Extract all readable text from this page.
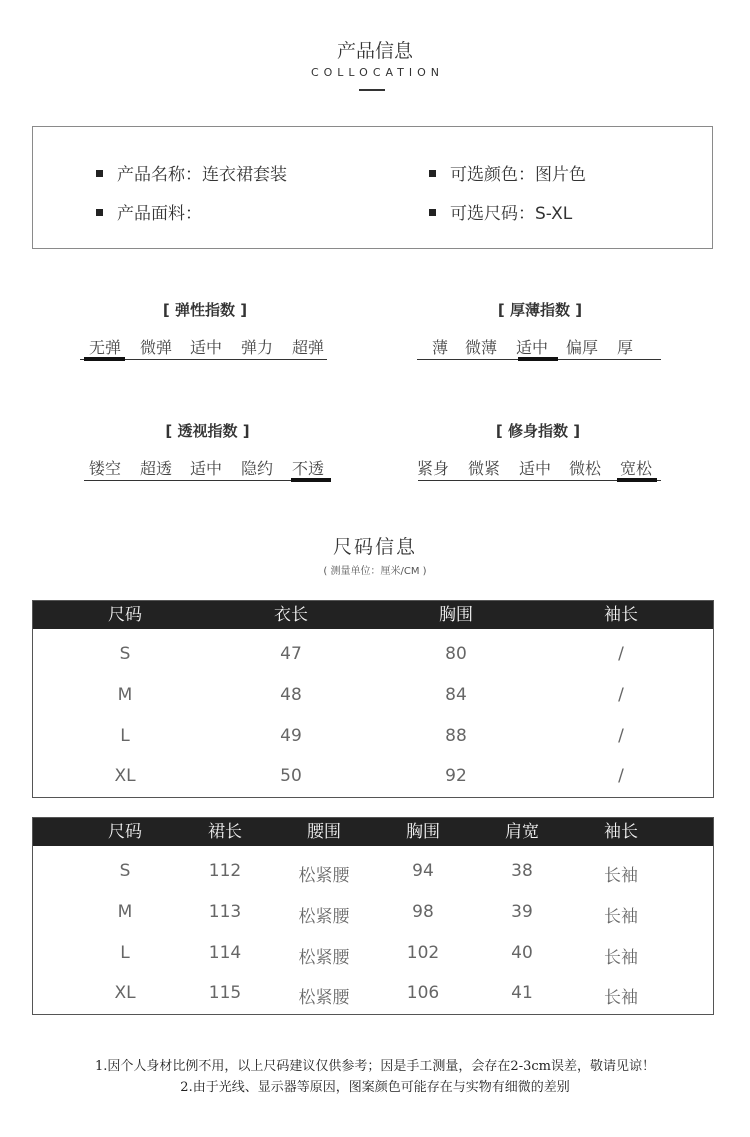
产品信息
COLLOCATION
产品名称：连衣裙套装
产品面料：
可选颜色：图片色
可选尺码：S-XL
[ 弹性指数 ]
无弹 微弹 适中 弹力 超弹
[ 厚薄指数 ]
薄 微薄 适中 偏厚 厚
[ 透视指数 ]
镂空 超透 适中 隐约 不透
[ 修身指数 ]
紧身 微紧 适中 微松 宽松
尺码信息
( 测量单位：厘米/CM )
尺码	衣长	胸围	袖长
S	47	80	/
M	48	84	/
L	49	88	/
XL	50	92	/
尺码	裙长	腰围	胸围	肩宽	袖长
S	112	松紧腰	94	38	长袖
M	113	松紧腰	98	39	长袖
L	114	松紧腰	102	40	长袖
XL	115	松紧腰	106	41	长袖
1.因个人身材比例不用，以上尺码建议仅供参考；因是手工测量，会存在2-3cm误差，敬请见谅！
2.由于光线、显示器等原因，图案颜色可能存在与实物有细微的差别
